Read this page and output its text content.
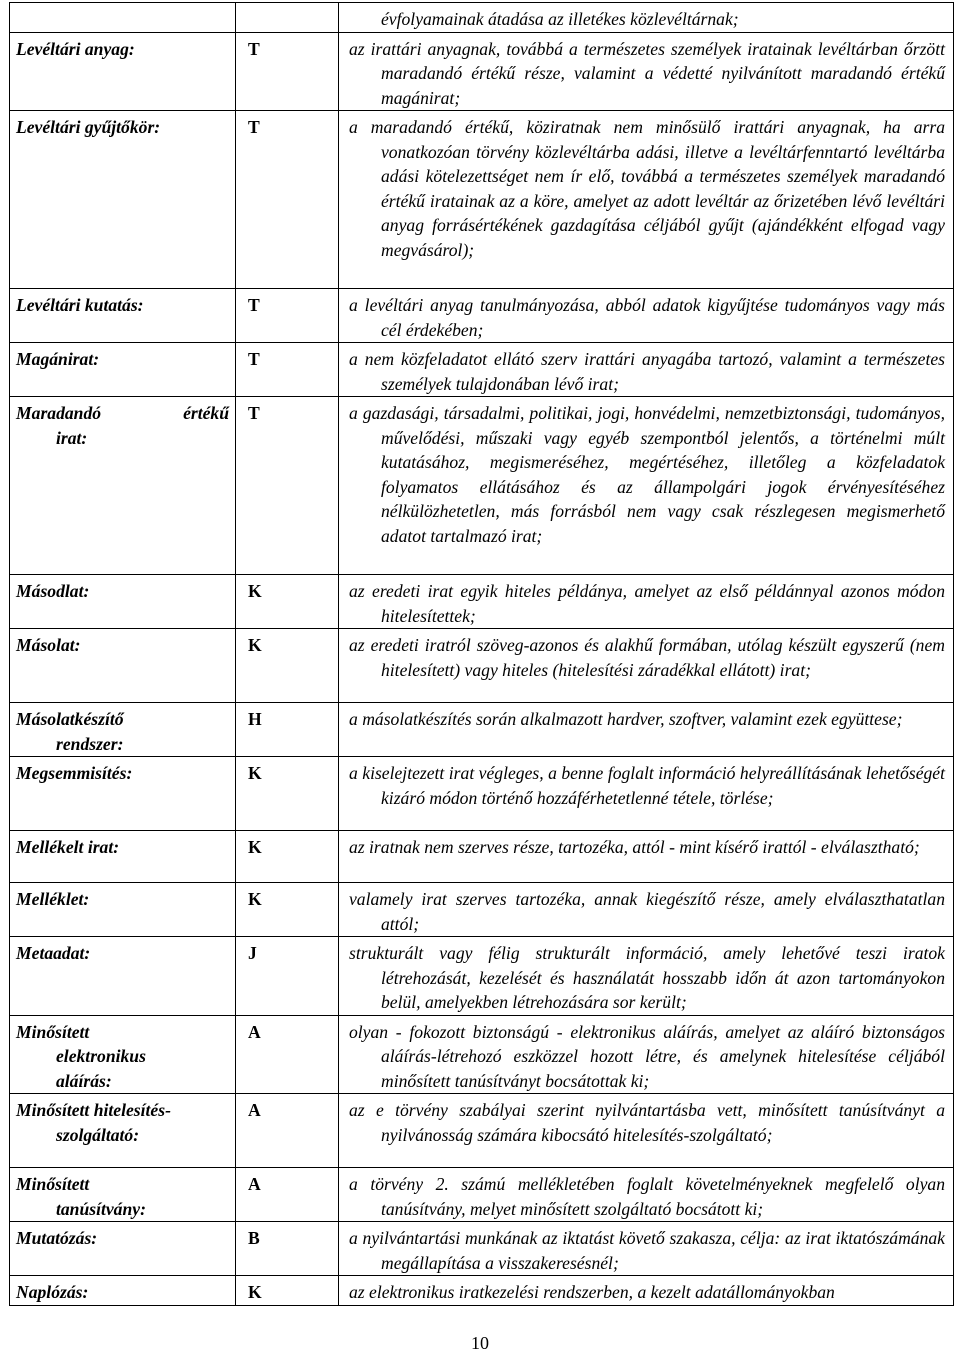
		évfolyamainak átadása az illetékes közlevéltárnak;

Levéltári anyag:	T	az irattári anyagnak, továbbá a természetes személyek iratainak levéltárban őrzött maradandó értékű része, valamint a védetté nyilvánított maradandó értékű magánirat;

Levéltári gyűjtőkör:	T	a maradandó értékű, köziratnak nem minősülő irattári anyagnak, ha arra vonatkozóan törvény közlevéltárba adási, illetve a levéltárfenntartó levéltárba adási kötelezettséget nem ír elő, továbbá a természetes személyek maradandó értékű iratainak az a köre, amelyet az adott levéltár az őrizetében lévő levéltári anyag forrásértékének gazdagítása céljából gyűjt (ajándékként elfogad vagy megvásárol);

Levéltári kutatás:	T	a levéltári anyag tanulmányozása, abból adatok kigyűjtése tudományos vagy más cél érdekében;

Magánirat:	T	a nem közfeladatot ellátó szerv irattári anyagába tartozó, valamint a természetes személyek tulajdonában lévő irat;

Maradandó értékű
irat:	T	a gazdasági, társadalmi, politikai, jogi, honvédelmi, nemzetbiztonsági, tudományos, művelődési, műszaki vagy egyéb szempontból jelentős, a történelmi múlt kutatásához, megismeréséhez, megértéséhez, illetőleg a közfeladatok folyamatos ellátásához és az állampolgári jogok érvényesítéséhez nélkülözhetetlen, más forrásból nem vagy csak részlegesen megismerhető adatot tartalmazó irat;

Másodlat:	K	az eredeti irat egyik hiteles példánya, amelyet az első példánnyal azonos módon hitelesítettek;

Másolat:	K	az eredeti iratról szöveg-azonos és alakhű formában, utólag készült egyszerű (nem hitelesített) vagy hiteles (hitelesítési záradékkal ellátott) irat;

Másolatkészítő
rendszer:	H	a másolatkészítés során alkalmazott hardver, szoftver, valamint ezek együttese;

Megsemmisítés:	K	a kiselejtezett irat végleges, a benne foglalt információ helyreállításának lehetőségét kizáró módon történő hozzáférhetetlenné tétele, törlése;

Mellékelt irat:	K	az iratnak nem szerves része, tartozéka, attól - mint kísérő irattól - elválasztható;

Melléklet:	K	valamely irat szerves tartozéka, annak kiegészítő része, amely elválaszthatatlan attól;

Metaadat:	J	strukturált vagy félig strukturált információ, amely lehetővé teszi iratok létrehozását, kezelését és használatát hosszabb időn át azon tartományokon belül, amelyekben létrehozására sor került;

Minősített
elektronikus
aláírás:	A	olyan - fokozott biztonságú - elektronikus aláírás, amelyet az aláíró biztonságos aláírás-létrehozó eszközzel hozott létre, és amelynek hitelesítése céljából minősített tanúsítványt bocsátottak ki;

Minősített hitelesítés-
szolgáltató:	A	az e törvény szabályai szerint nyilvántartásba vett, minősített tanúsítványt a nyilvánosság számára kibocsátó hitelesítés-szolgáltató;

Minősített
tanúsítvány:	A	a törvény 2. számú mellékletében foglalt követelményeknek megfelelő olyan tanúsítvány, melyet minősített szolgáltató bocsátott ki;

Mutatózás:	B	a nyilvántartási munkának az iktatást követő szakasza, célja: az irat iktatószámának megállapítása a visszakeresésnél;

Naplózás:	K	az elektronikus iratkezelési rendszerben, a kezelt adatállományokban
10
